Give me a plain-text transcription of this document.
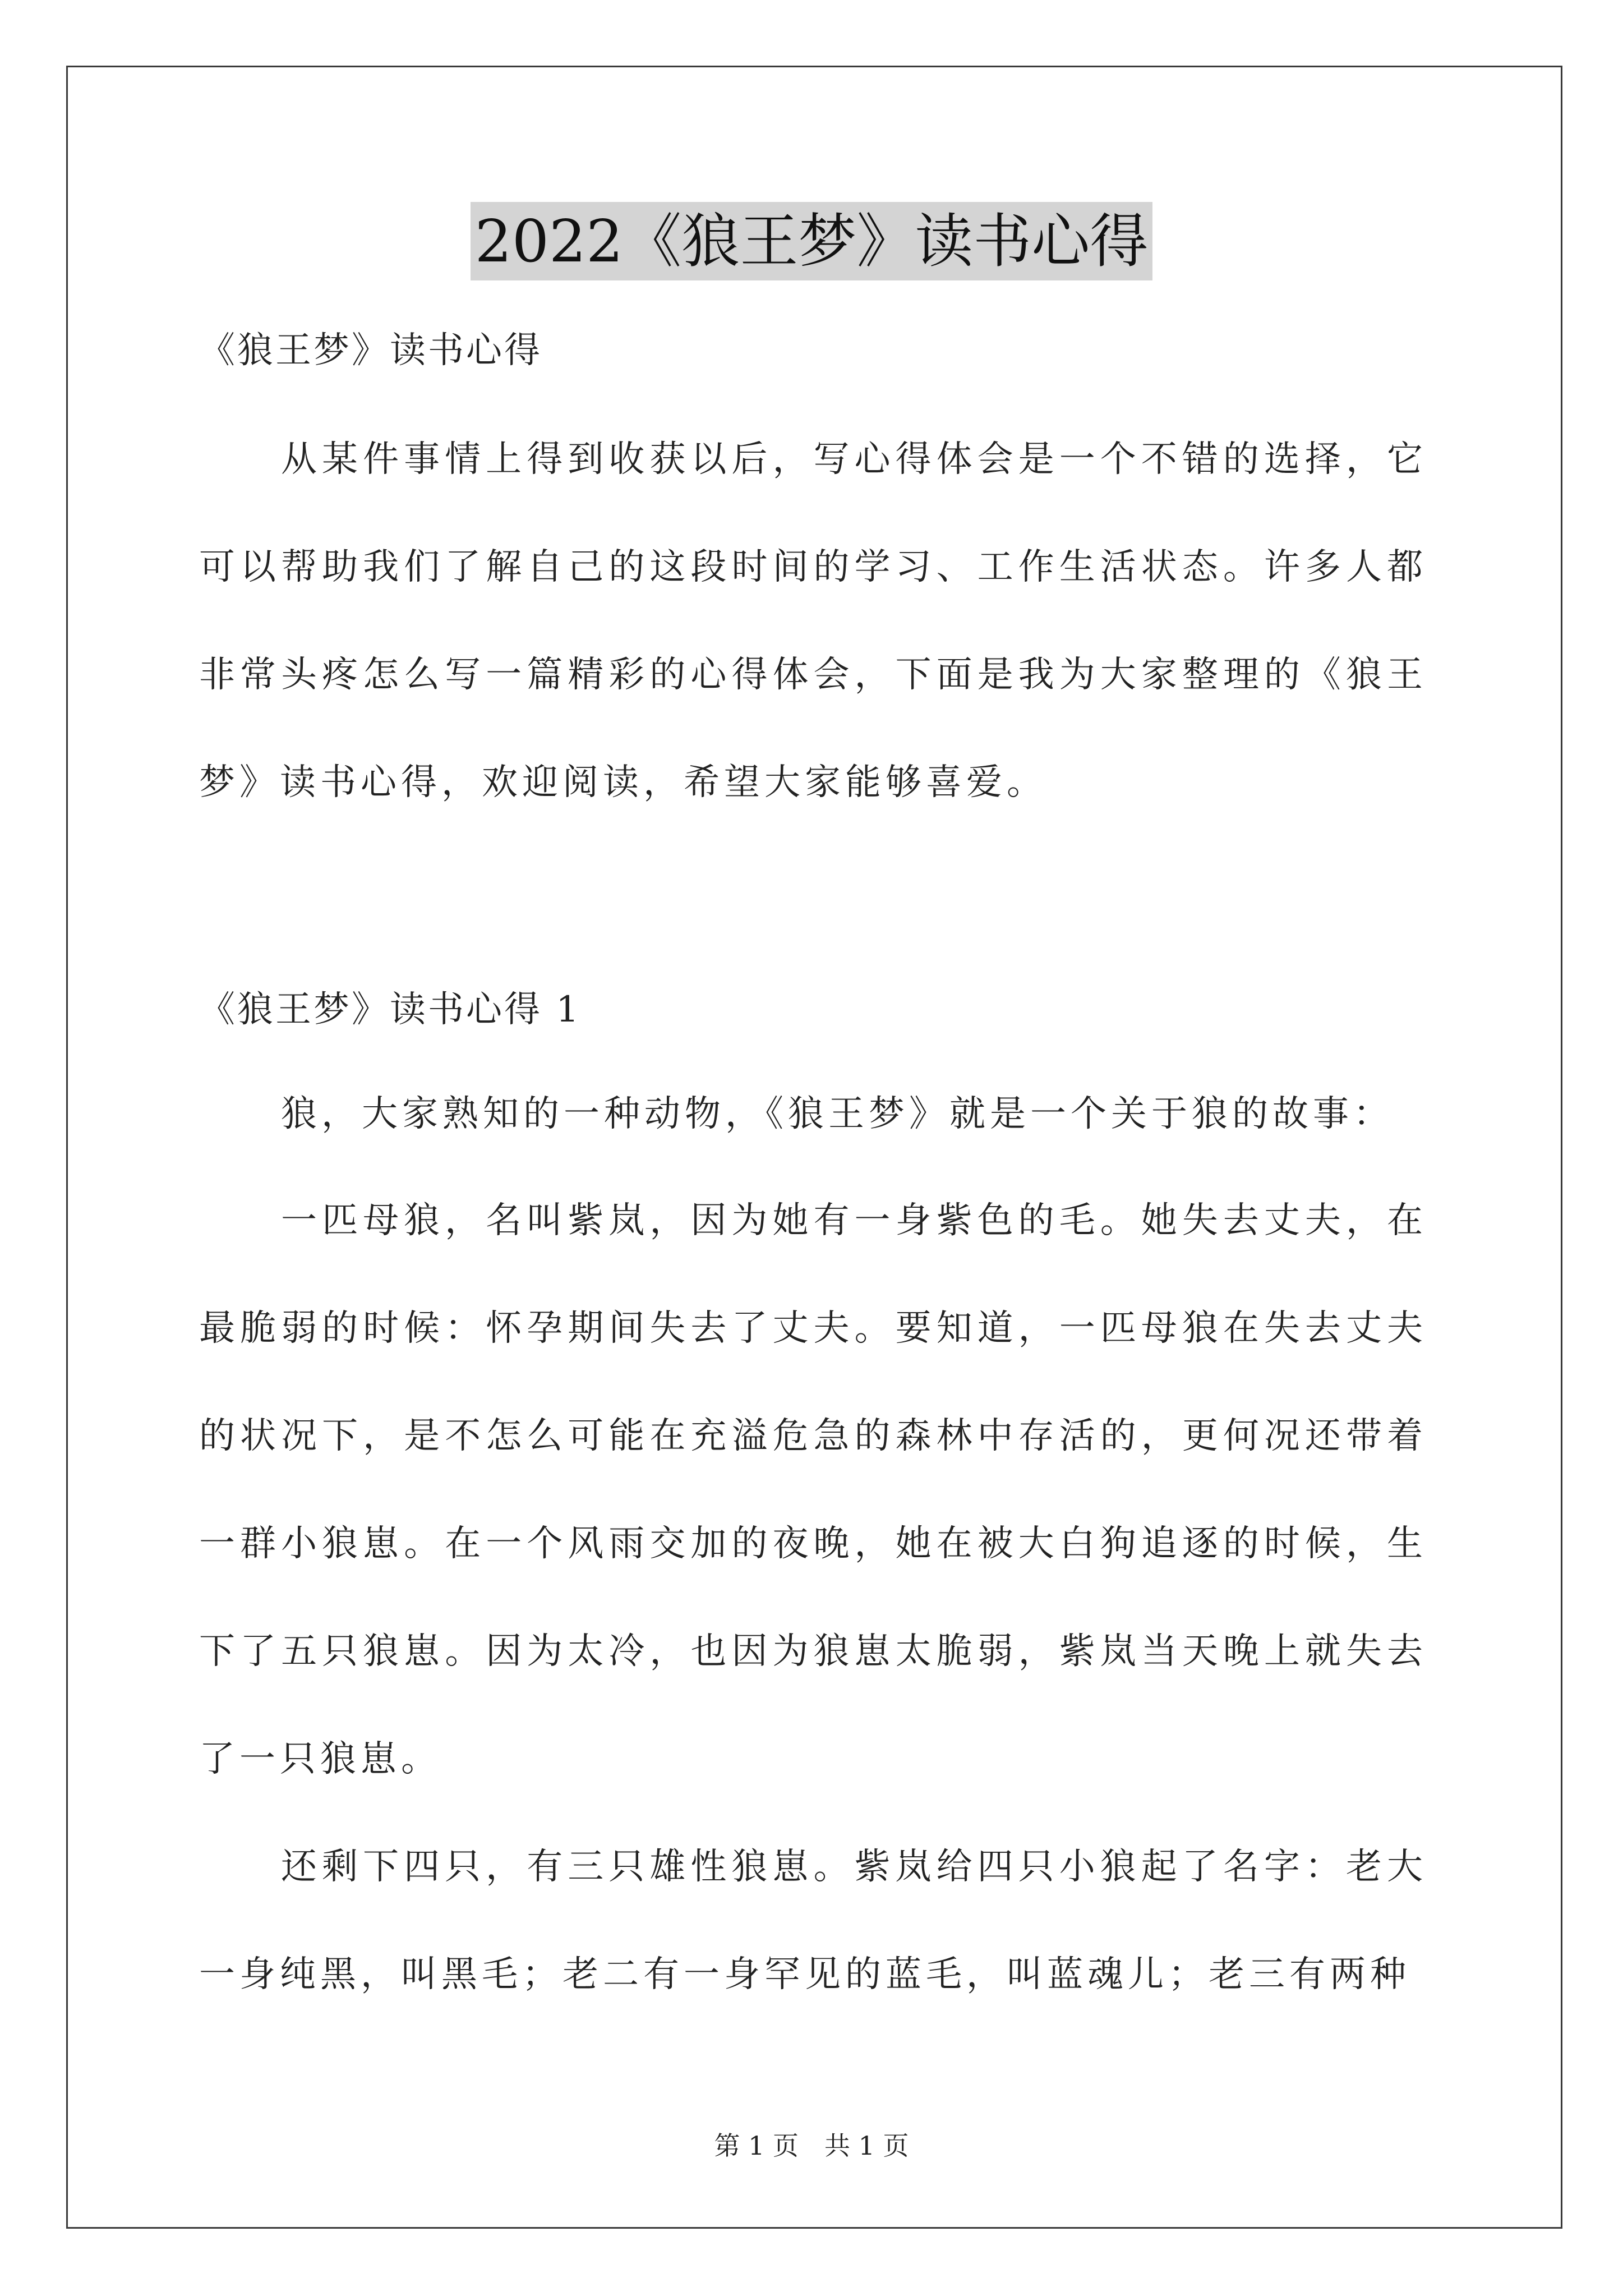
2022《狼王梦》读书心得

《狼王梦》读书心得

从某件事情上得到收获以后，写心得体会是一个不错的选择，它可以帮助我们了解自己的这段时间的学习、工作生活状态。许多人都非常头疼怎么写一篇精彩的心得体会，下面是我为大家整理的《狼王梦》读书心得，欢迎阅读，希望大家能够喜爱。

《狼王梦》读书心得 1

狼，大家熟知的一种动物，《狼王梦》就是一个关于狼的故事：

一匹母狼，名叫紫岚，因为她有一身紫色的毛。她失去丈夫，在最脆弱的时候：怀孕期间失去了丈夫。要知道，一匹母狼在失去丈夫的状况下，是不怎么可能在充溢危急的森林中存活的，更何况还带着一群小狼崽。在一个风雨交加的夜晚，她在被大白狗追逐的时候，生下了五只狼崽。因为太冷，也因为狼崽太脆弱，紫岚当天晚上就失去了一只狼崽。

还剩下四只，有三只雄性狼崽。紫岚给四只小狼起了名字：老大一身纯黑，叫黑毛；老二有一身罕见的蓝毛，叫蓝魂儿；老三有两种

第 1 页　共 1 页
